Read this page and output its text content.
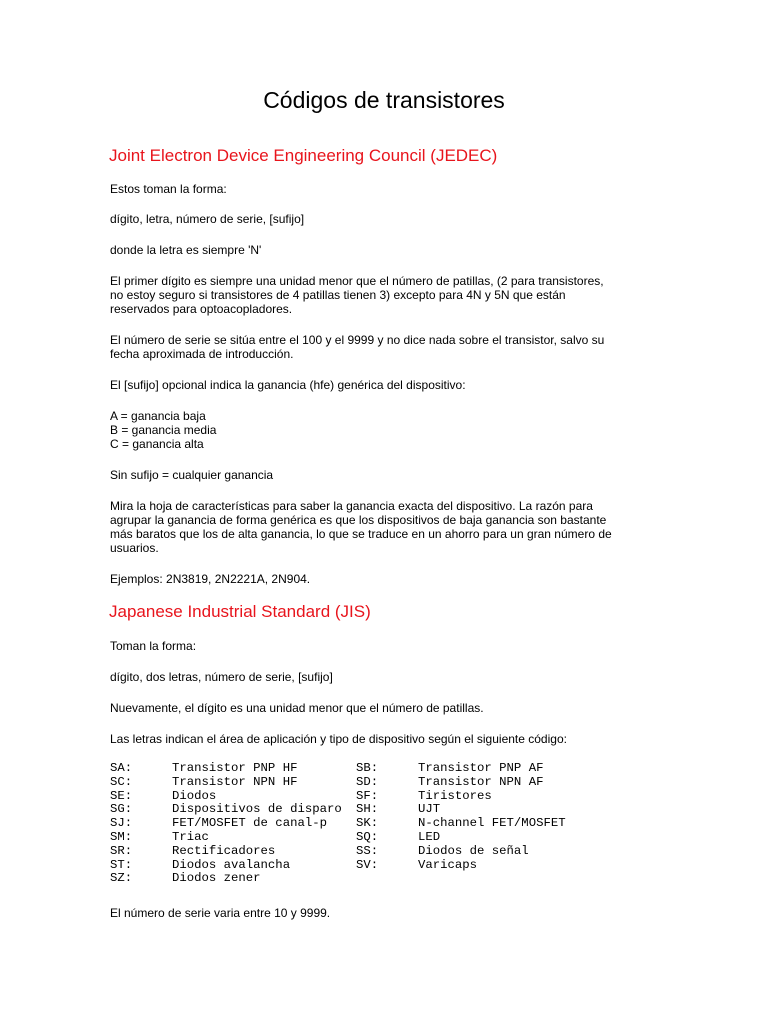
Códigos de transistores
Joint Electron Device Engineering Council (JEDEC)

Estos toman la forma:

dígito, letra, número de serie, [sufijo]

donde la letra es siempre 'N'

El primer dígito es siempre una unidad menor que el número de patillas, (2 para transistores,
no estoy seguro si transistores de 4 patillas tienen 3) excepto para 4N y 5N que están
reservados para optoacopladores.

El número de serie se sitúa entre el 100 y el 9999 y no dice nada sobre el transistor, salvo su
fecha aproximada de introducción.

El [sufijo] opcional indica la ganancia (hfe) genérica del dispositivo:

A = ganancia baja
B = ganancia media
C = ganancia alta

Sin sufijo = cualquier ganancia

Mira la hoja de características para saber la ganancia exacta del dispositivo. La razón para
agrupar la ganancia de forma genérica es que los dispositivos de baja ganancia son bastante
más baratos que los de alta ganancia, lo que se traduce en un ahorro para un gran número de
usuarios.

Ejemplos: 2N3819, 2N2221A, 2N904.

Japanese Industrial Standard (JIS)

Toman la forma:

dígito, dos letras, número de serie, [sufijo]

Nuevamente, el dígito es una unidad menor que el número de patillas.

Las letras indican el área de aplicación y tipo de dispositivo según el siguiente código:

SA:	Transistor PNP HF	SB:	Transistor PNP AF
SC:	Transistor NPN HF	SD:	Transistor NPN AF
SE:	Diodos	SF:	Tiristores
SG:	Dispositivos de disparo	SH:	UJT
SJ:	FET/MOSFET de canal-p	SK:	N-channel FET/MOSFET
SM:	Triac	SQ:	LED
SR:	Rectificadores	SS:	Diodos de señal
ST:	Diodos avalancha	SV:	Varicaps
SZ:	Diodos zener

El número de serie varia entre 10 y 9999.
